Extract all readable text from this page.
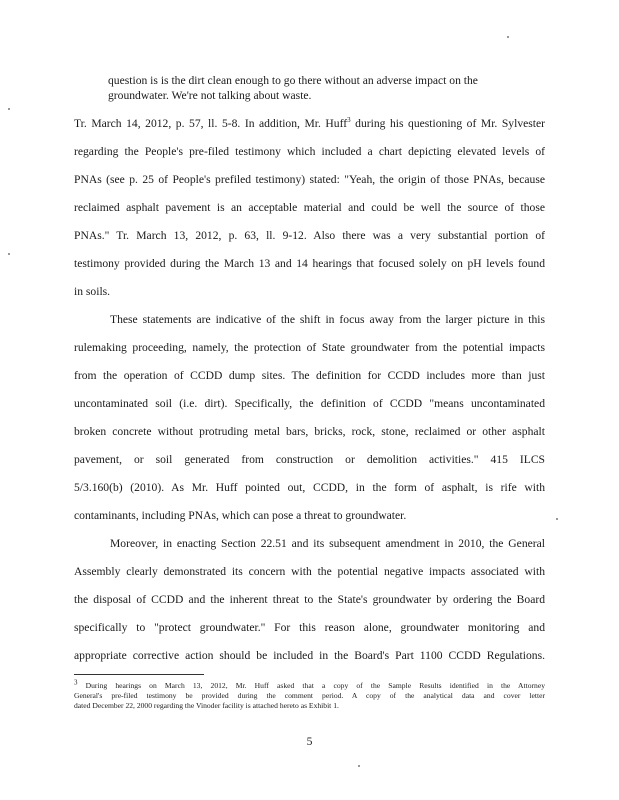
question is is the dirt clean enough to go there without an adverse impact on the
groundwater. We're not talking about waste.
Tr. March 14, 2012, p. 57, ll. 5-8. In addition, Mr. Huff$^3$ during his questioning of Mr. Sylvester
regarding the People's pre-filed testimony which included a chart depicting elevated levels of
PNAs (see p. 25 of People's prefiled testimony) stated: "Yeah, the origin of those PNAs, because
reclaimed asphalt pavement is an acceptable material and could be well the source of those
PNAs." Tr. March 13, 2012, p. 63, ll. 9-12. Also there was a very substantial portion of
testimony provided during the March 13 and 14 hearings that focused solely on pH levels found
in soils.
These statements are indicative of the shift in focus away from the larger picture in this
rulemaking proceeding, namely, the protection of State groundwater from the potential impacts
from the operation of CCDD dump sites. The definition for CCDD includes more than just
uncontaminated soil (i.e. dirt). Specifically, the definition of CCDD "means uncontaminated
broken concrete without protruding metal bars, bricks, rock, stone, reclaimed or other asphalt
pavement, or soil generated from construction or demolition activities." 415 ILCS
5/3.160(b) (2010). As Mr. Huff pointed out, CCDD, in the form of asphalt, is rife with
contaminants, including PNAs, which can pose a threat to groundwater.
Moreover, in enacting Section 22.51 and its subsequent amendment in 2010, the General
Assembly clearly demonstrated its concern with the potential negative impacts associated with
the disposal of CCDD and the inherent threat to the State's groundwater by ordering the Board
specifically to "protect groundwater." For this reason alone, groundwater monitoring and
appropriate corrective action should be included in the Board's Part 1100 CCDD Regulations.
$^3$ During hearings on March 13, 2012, Mr. Huff asked that a copy of the Sample Results identified in the Attorney
General's pre-filed testimony be provided during the comment period. A copy of the analytical data and cover letter
dated December 22, 2000 regarding the Vinoder facility is attached hereto as Exhibit 1.
5
